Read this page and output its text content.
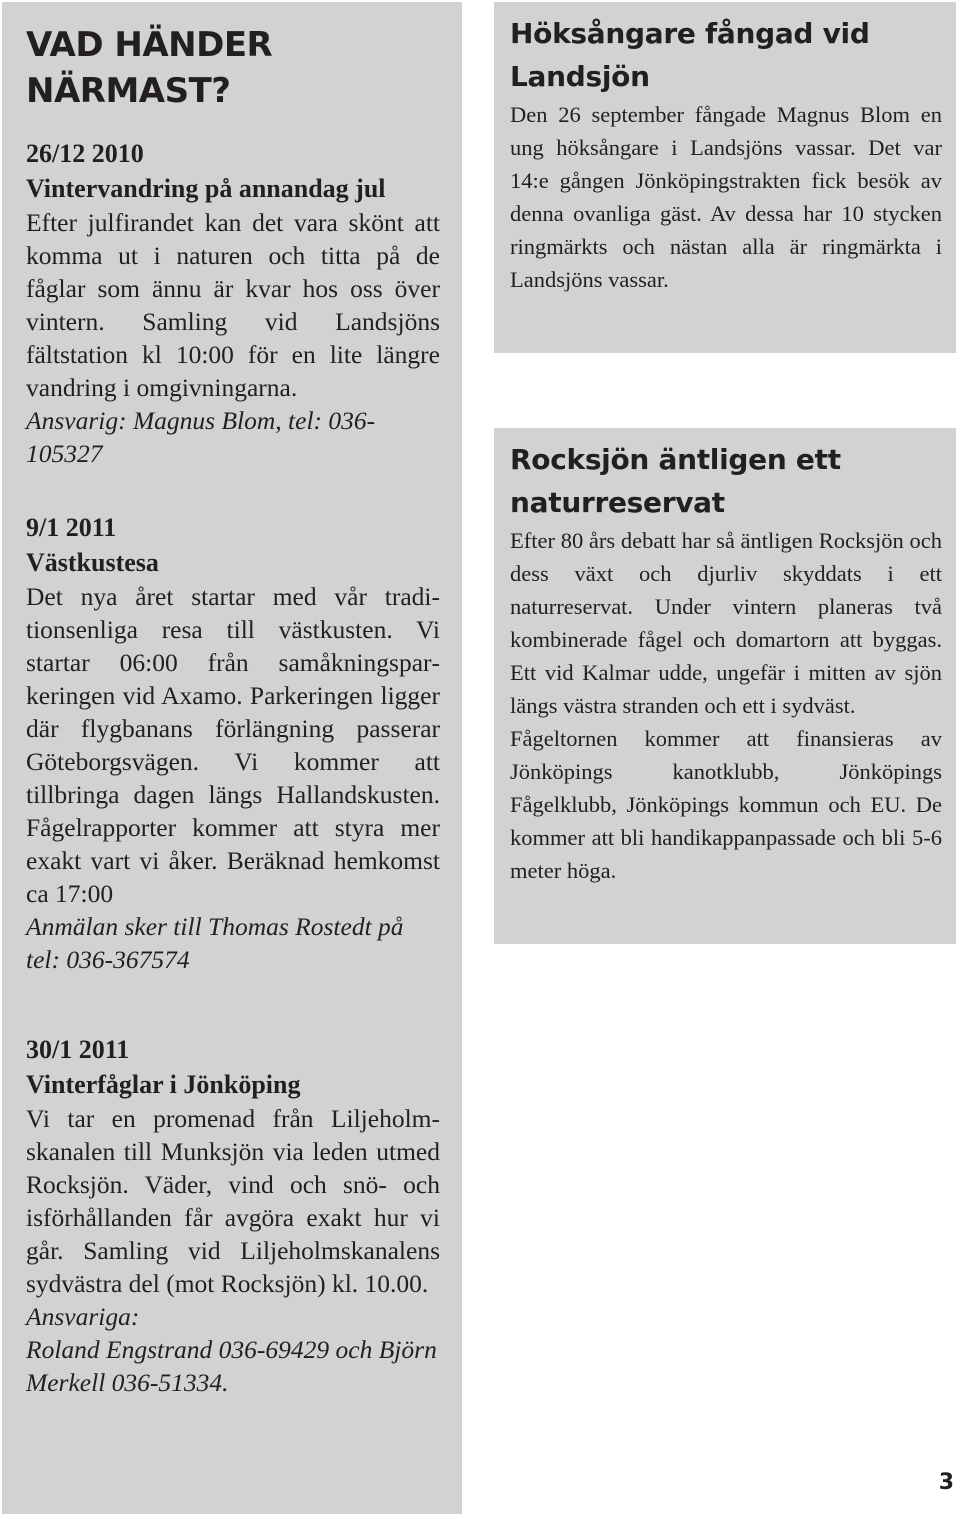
VAD HÄNDER NÄRMAST?
26/12 2010
Vintervandring på annandag jul
Efter julfirandet kan det vara skönt att komma ut i naturen och titta på de fåglar som ännu är kvar hos oss över vintern. Samling vid Landsjöns fältstation kl 10:00 för en lite längre vandring i omgivningarna.
Ansvarig: Magnus Blom, tel: 036-105327
9/1 2011
Västkustesa
Det nya året startar med vår traditionsenliga resa till västkusten. Vi startar 06:00 från samåkningsparkeringen vid Axamo. Parkeringen ligger där flygbanans förlängning passerar Göteborgsvägen. Vi kommer att tillbringa dagen längs Hallandskusten. Fågelrapporter kommer att styra mer exakt vart vi åker. Beräknad hemkomst ca 17:00
Anmälan sker till Thomas Rostedt på tel: 036-367574
30/1 2011
Vinterfåglar i Jönköping
Vi tar en promenad från Liljeholmskanalen till Munksjön via leden utmed Rocksjön. Väder, vind och snö- och isförhållanden får avgöra exakt hur vi går. Samling vid Liljeholmskanalens sydvästra del (mot Rocksjön) kl. 10.00.
Ansvariga:
Roland Engstrand 036-69429 och Björn Merkell 036-51334.
Höksångare fångad vid Landsjön

Den 26 september fångade Magnus Blom en ung höksångare i Landsjöns vassar. Det var 14:e gången Jönköpingstrakten fick besök av denna ovanliga gäst. Av dessa har 10 stycken ringmärkts och nästan alla är ringmärkta i Landsjöns vassar.

Rocksjön äntligen ett naturreservat

Efter 80 års debatt har så äntligen Rocksjön och dess växt och djurliv skyddats i ett naturreservat. Under vintern planeras två kombinerade fågel och domartorn att byggas. Ett vid Kalmar udde, ungefär i mitten av sjön längs västra stranden och ett i sydväst.

Fågeltornen kommer att finansieras av Jönköpings kanotklubb, Jönköpings Fågelklubb, Jönköpings kommun och EU. De kommer att bli handikappanpassade och bli 5-6 meter höga.

3
